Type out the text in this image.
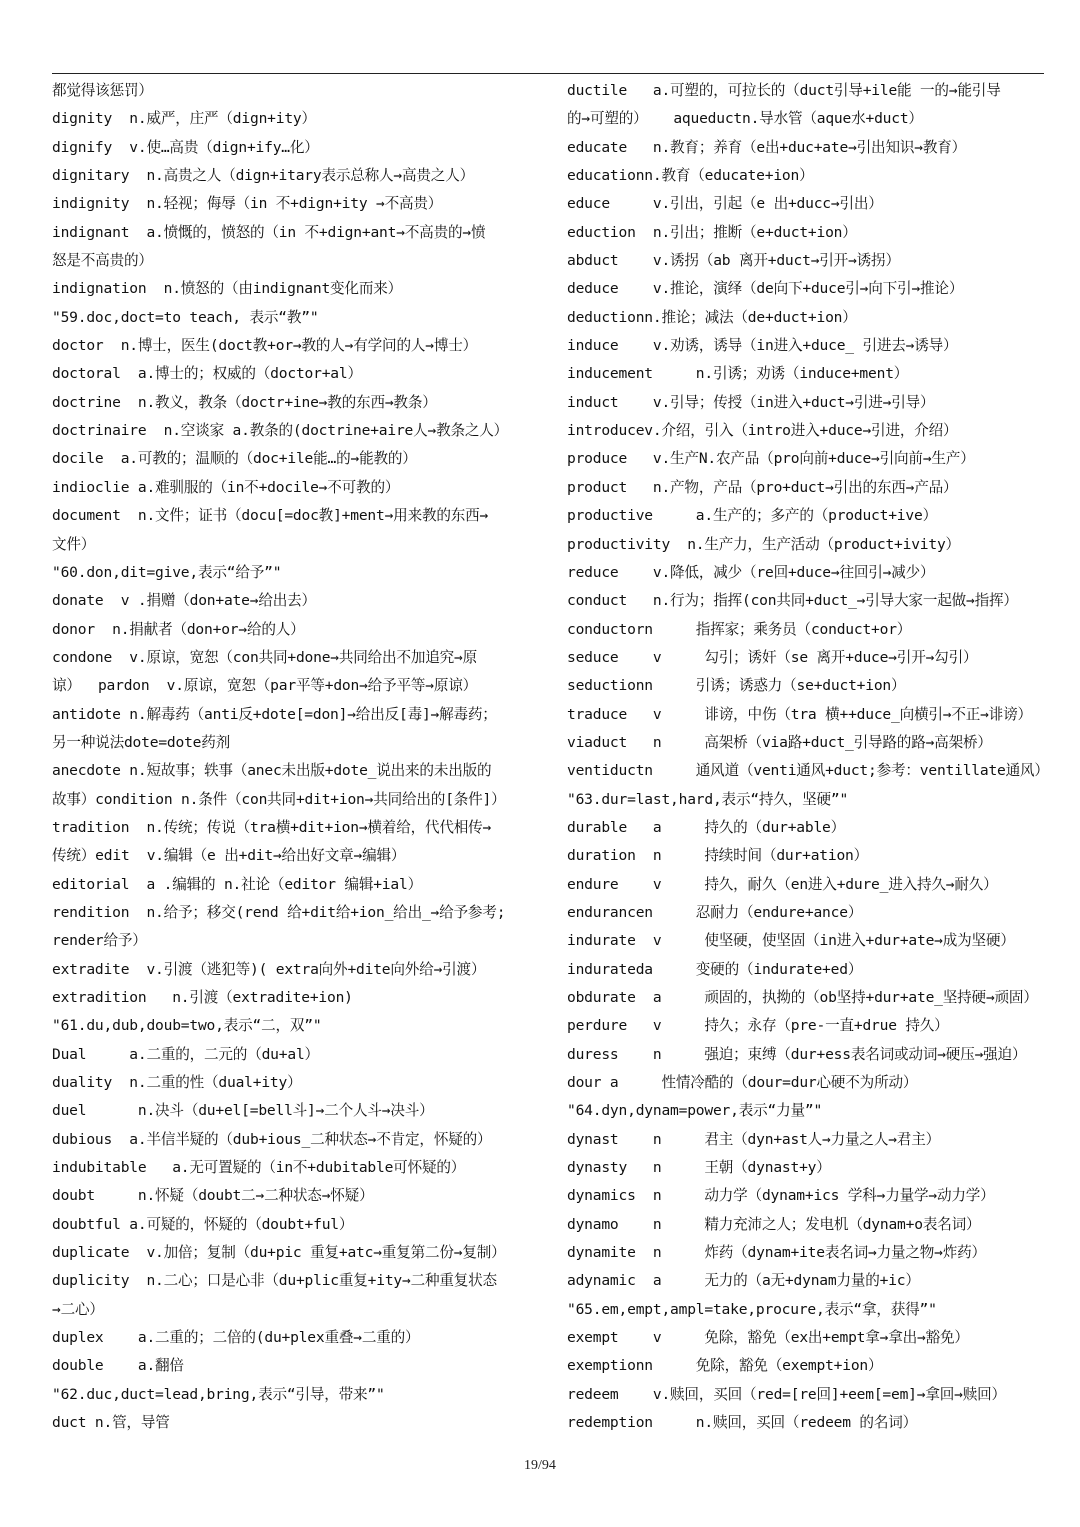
都觉得该惩罚）
dignity  n.威严，庄严（dign+ity）
dignify  v.使…高贵（dign+ify…化）
dignitary  n.高贵之人（dign+itary表示总称人→高贵之人）
indignity  n.轻视；侮辱（in 不+dign+ity →不高贵）
indignant  a.愤慨的，愤怒的（in 不+dign+ant→不高贵的→愤
怒是不高贵的）
indignation  n.愤怒的（由indignant变化而来）
"59.doc,doct=to teach, 表示“教”"
doctor  n.博士，医生(doct教+or→教的人→有学问的人→博士）
doctoral  a.博士的；权威的（doctor+al）
doctrine  n.教义，教条（doctr+ine→教的东西→教条）
doctrinaire  n.空谈家 a.教条的(doctrine+aire人→教条之人）
docile  a.可教的；温顺的（doc+ile能…的→能教的）
indioclie a.难驯服的（in不+docile→不可教的）
document  n.文件；证书（docu[=doc教]+ment→用来教的东西→
文件）
"60.don,dit=give,表示“给予”"
donate  v .捐赠（don+ate→给出去）
donor  n.捐献者（don+or→给的人）
condone  v.原谅，宽恕（con共同+done→共同给出不加追究→原
谅）  pardon  v.原谅，宽恕（par平等+don→给予平等→原谅）
antidote n.解毒药（anti反+dote[=don]→给出反[毒]→解毒药；
另一种说法dote=dote药剂
anecdote n.短故事；轶事（anec未出版+dote_说出来的未出版的
故事）condition n.条件（con共同+dit+ion→共同给出的[条件]）
tradition  n.传统；传说（tra横+dit+ion→横着给，代代相传→
传统）edit  v.编辑（e 出+dit→给出好文章→编辑）
editorial  a .编辑的 n.社论（editor 编辑+ial）
rendition  n.给予；移交(rend 给+dit给+ion_给出_→给予参考;
render给予）
extradite  v.引渡（逃犯等)( extra向外+dite向外给→引渡）
extradition   n.引渡（extradite+ion)
"61.du,dub,doub=two,表示“二，双”"
Dual     a.二重的，二元的（du+al）
duality  n.二重的性（dual+ity）
duel      n.决斗（du+el[=bell斗]→二个人斗→决斗）
dubious  a.半信半疑的（dub+ious_二种状态→不肯定，怀疑的）
indubitable   a.无可置疑的（in不+dubitable可怀疑的）
doubt     n.怀疑（doubt二→二种状态→怀疑）
doubtful a.可疑的，怀疑的（doubt+ful）
duplicate  v.加倍；复制（du+pic 重复+atc→重复第二份→复制）
duplicity  n.二心；口是心非（du+plic重复+ity→二种重复状态
→二心）
duplex    a.二重的；二倍的(du+plex重叠→二重的）
double    a.翻倍
"62.duc,duct=lead,bring,表示“引导，带来”"
duct n.管，导管
ductile   a.可塑的，可拉长的（duct引导+ile能 一的→能引导
的→可塑的）   aqueductn.导水管（aque水+duct）
educate   n.教育；养育（e出+duc+ate→引出知识→教育）
educationn.教育（educate+ion）
educe     v.引出，引起（e 出+ducc→引出）
eduction  n.引出；推断（e+duct+ion）
abduct    v.诱拐（ab 离开+duct→引开→诱拐）
deduce    v.推论，演绎（de向下+duce引→向下引→推论）
deductionn.推论；减法（de+duct+ion）
induce    v.劝诱，诱导（in进入+duce_ 引进去→诱导）
inducement     n.引诱；劝诱（induce+ment）
induct    v.引导；传授（in进入+duct→引进→引导）
introducev.介绍，引入（intro进入+duce→引进，介绍）
produce   v.生产N.农产品（pro向前+duce→引向前→生产）
product   n.产物，产品（pro+duct→引出的东西→产品）
productive     a.生产的；多产的（product+ive）
productivity  n.生产力，生产活动（product+ivity）
reduce    v.降低，减少（re回+duce→往回引→减少）
conduct   n.行为；指挥(con共同+duct_→引导大家一起做→指挥）
conductorn     指挥家；乘务员（conduct+or）
seduce    v     勾引；诱奸（se 离开+duce→引开→勾引）
seductionn     引诱；诱惑力（se+duct+ion）
traduce   v     诽谤，中伤（tra 横++duce_向横引→不正→诽谤）
viaduct   n     高架桥（via路+duct_引导路的路→高架桥）
ventiductn     通风道（venti通风+duct;参考：ventillate通风）
"63.dur=last,hard,表示“持久，坚硬”"
durable   a     持久的（dur+able）
duration  n     持续时间（dur+ation）
endure    v     持久，耐久（en进入+dure_进入持久→耐久）
endurancen     忍耐力（endure+ance）
indurate  v     使坚硬，使坚固（in进入+dur+ate→成为坚硬）
indurateda     变硬的（indurate+ed）
obdurate  a     顽固的，执拗的（ob坚持+dur+ate_坚持硬→顽固）
perdure   v     持久；永存（pre-一直+drue 持久）
duress    n     强迫；束缚（dur+ess表名词或动词→硬压→强迫）
dour a     性情冷酷的（dour=dur心硬不为所动）
"64.dyn,dynam=power,表示“力量”"
dynast    n     君主（dyn+ast人→力量之人→君主）
dynasty   n     王朝（dynast+y）
dynamics  n     动力学（dynam+ics 学科→力量学→动力学）
dynamo    n     精力充沛之人；发电机（dynam+o表名词）
dynamite  n     炸药（dynam+ite表名词→力量之物→炸药）
adynamic  a     无力的（a无+dynam力量的+ic）
"65.em,empt,ampl=take,procure,表示“拿，获得”"
exempt    v     免除，豁免（ex出+empt拿→拿出→豁免）
exemptionn     免除，豁免（exempt+ion）
redeem    v.赎回，买回（red=[re回]+eem[=em]→拿回→赎回）
redemption     n.赎回，买回（redeem 的名词）
19/94
